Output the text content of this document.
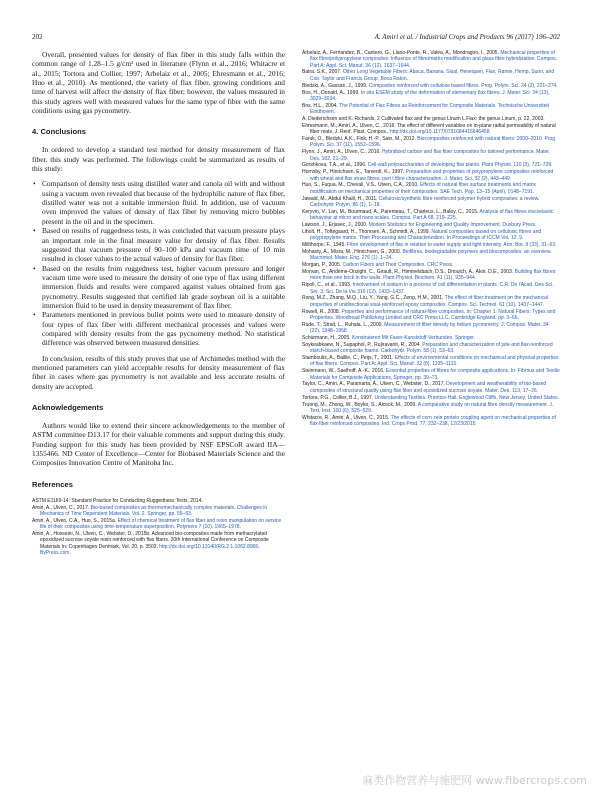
202	A. Amiri et al. / Industrial Crops and Products 96 (2017) 196–202

Overall, presented values for density of flax fiber in this study falls within the common range of 1.28–1.5 g/cm³ used in literature (Flynn et al., 2016; Whitacre et al., 2015; Tortora and Collier, 1997; Arbelaiz et al., 2005; Ehresmann et al., 2016; Huo et al., 2010). As mentioned, the variety of flax fiber, growing conditions and time of harvest will affect the density of flax fiber; however, the values measured in this study agrees well with measured values for the same type of fiber with the same conditions using gas pycnometry.

4. Conclusions

In ordered to develop a standard test method for density measurement of flax fiber, this study was performed. The followings could be summarized as results of this study:

• Comparison of density tests using distilled water and canola oil with and without using a vacuum oven revealed that because of the hydrophilic nature of flax fiber, distilled water was not a suitable immersion fluid. In addition, use of vacuum oven improved the values of density of flax fiber by removing micro bubbles present in the oil and in the specimen.
• Based on results of ruggedness tests, it was concluded that vacuum pressure plays an important role in the final measure value for density of flax fiber. Results suggested that vacuum pressure of 90–100 kPa and vacuum time of 10 min resulted in closer values to the actual values of density for flax fiber.
• Based on the results from ruggedness test, higher vacuum pressure and longer vacuum time were used to measure the density of one type of flax using different immersion fluids and results were compared against values obtained from gas pycnometry. Results suggested that certified lab grade soybean oil is a suitable immersion fluid to be used in density measurement of flax fiber.
• Parameters mentioned in previous bullet points were used to measure density of four types of flax fiber with different mechanical processes and values were compared with density results from the gas pycnometry method. No statistical difference was observed between measured densities.

In conclusion, results of this study proves that use of Archimedes method with the mentioned parameters can yield acceptable results for density measurement of flax fiber in cases where gas pycnometry is not available and less accurate results of density are accepted.

Acknowledgements

Authors would like to extend their sincere acknowledgements to the member of ASTM committee D13.17 for their valuable comments and support during this study. Funding support for this study has been provided by NSF EPSCoR award IIA—1355466. ND Center of Excellence—Center for Biobased Materials Science and the Composites Innovation Centre of Manitoba Inc.

References
ASTM E1169-14: Standard Practice for Conducting Ruggedness Tests, 2014.
Amiri, A., Ulven, C., 2017. Bio-based composites as thermomechanically complex materials. Challenges in Mechanics of Time Dependent Materials, Vol. 2. Springer, pp. 55–63.
Amiri, A., Ulven, C.A., Huo, S., 2015a. Effect of chemical treatment of flax fiber and resin manipulation on service life of their composites using time-temperature superposition. Polymers 7 (10), 1965–1978.
Amiri, A., Hosseini, N., Ulven, C., Webster, D., 2015b. Advanced bio-composites made from methacrylated epoxidized sucrose soyate resin reinforced with flax fibers. 20th International Conference on Composite Materials In: Copenhagen Denmark, Vol. 20, p. 3503, http://dx.doi.org/10.13140/RG.2.1.1062.8965, ByPress.com.
Arbelaiz, A., Fernandez, B., Cantero, G., Llano-Ponte, R., Valea, A., Mondragon, I., 2005. Mechanical properties of flax fibre/polypropylene composites. Influence of fibre/matrix modification and glass fibre hybridization. Compos. Part A: Appl. Sci. Manuf. 36 (12), 1637–1644.
Batra, S.K., 2007. Other Long Vegetable Fibers: Abaca, Banana, Sisal, Henequen, Flax, Ramie, Hemp, Sunn, and Coir. Taylor and Francis Group, Boca Raton.
Bledzki, A., Gassan, J., 1999. Composites reinforced with cellulose based fibres. Prog. Polym. Sci. 24 (2), 221–274.
Bos, H., Donald, A., 1999. In situ ESEM study of the deformation of elementary flax fibres. J. Mater. Sci. 34 (13), 3029–3034.
Bos, H.L., 2004. The Potential of Flax Fibres as Reinforcement for Composite Materials. Technische Universiteit Eindhoven.
A. Diederichsen and K. Richards, 2 Cultivated flax and the genus Linum L.Flax: the genus Linum, p. 22, 2003.
Ehresmann, M., Amiri, A., Ulven, C., 2016. The effect of different variables on in-plane radial permeability of natural fiber mats. J. Renf. Plast. Compos., http://dx.doi.org/10.1177/0731684416646458.
Faruk, O., Bledzki, A.K., Fink, H.-P., Sain, M., 2012. Biocomposites reinforced with natural fibers: 2000–2010. Prog. Polym. Sci. 37 (11), 1552–1596.
Flynn, J., Amiri, A., Ulven, C., 2016. Hybridized carbon and flax fiber composites for tailored performance. Mater. Des. 102, 21–29.
Gorshkova, T.A., et al., 1996. Cell-wall polysaccharides of developing flax plants. Plant Physiol. 110 (3), 721–729.
Hornsby, P., Hinrichsen, E., Tarverdi, K., 1997. Preparation and properties of polypropylene composites reinforced with wheat and flax straw fibres: part I fibre characterization. J. Mater. Sci. 32 (2), 443–449.
Huo, S., Fuqua, M., Chevali, V.S., Ulven, C.A., 2010. Effects of natural fiber surface treatments and matrix modification on mechanical properties of their composites. SAE Tech. Pap. 13–15 (April), 0148–7191.
Jawaid, M., Abdul Khalil, H., 2011. Cellulosic/synthetic fibre reinforced polymer hybrid composites: a review. Carbohydr. Polym. 86 (1), 1–18.
Keryvin, V., Lan, M., Bourmaud, A., Parenteau, T., Charleux, L., Baley, C., 2015. Analysis of flax fibres viscoelastic behaviour at micro and nano scales. Compos. Part A 68, 219–225.
Lawson, J., Erjavec, J., 2000. Modern Statistics for Engineering and Quality Improvement. Duxbury Press.
Liholt, H., Toftegaard, H., Thomsen, A., Schmidt, A., 1999. Natural composites based on cellulosic fibres and polypropylene matrix. Their Processing and Characterization. In Proceedings of ICCM Vol. 12, 9.
Millthorpe, F., 1945. Fibre development of flax in relation to water supply and light intensity. Ann. Bot. 9 (33), 31–53.
Mohanty, A., Misra, M., Hinrichsen, G., 2000. Biofibres, biodegradable polymers and biocomposites: an overview. Macromol. Mater. Eng. 276 (1), 1–24.
Morgan, P., 2005. Carbon Fibers and Their Composites. CRC Press.
Morvan, C., Andème-Onzighi, C., Girault, R., Himmelsbach, D.S., Driouich, A., Akin, D.E., 2003. Building flax fibres: more than one brick in the walls. Plant Physiol. Biochem. 41 (11), 935–944.
Ripoll, C., et al., 1993. Involvement of sodium in a process of cell differentiation in plants. C.R. De l'Acad. Des Sci. Sér. 3, Sci. De la Vie 316 (12), 1433–1437.
Rong, M.Z., Zhang, M.Q., Liu, Y., Yang, G.C., Zeng, H.M., 2001. The effect of fiber treatment on the mechanical properties of unidirectional sisal-reinforced epoxy composites. Compos. Sci. Technol. 61 (10), 1437–1447.
Rowell, R., 2008. Properties and performance of natural-fibre composites. In: Chapter 1: Natural Fibers: Types and Properties. Woodhead Publishing Limited and CRC Press LLC, Cambridge England, pp. 3–66.
Rude, T., Strait, L., Ruhala, L., 2000. Measurement of fiber density by helium pycnometry. J. Compos. Mater. 34 (22), 1948–1958.
Schürmann, H., 2005. Konstruieren Mit Faser-Kunststoff-Verbunden. Springer.
Soykeabkaew, N., Supaphol, P., Rujiravanit, R., 2004. Preparation and characterization of jute-and flax-reinforced starch-based composite foams. Carbohydr. Polym. 58 (1), 53–63.
Stamboulis, A., Baillie, C., Peijs, T., 2001. Effects of environmental conditions on mechanical and physical properties of flax fibers. Compos. Part A: Appl. Sci. Manuf. 32 (8), 1105–1115.
Steinmann, W., Saelhoff, A.-K., 2016. Essential properties of fibres for composite applications. In: Fibrous and Textile Materials for Composite Applications, Springer, pp. 39–73.
Taylor, C., Amiri, A., Paramarta, A., Ulven, C., Webster, D., 2017. Development and weatherability of bio-based composites of structural quality using flax fiber and epoxidized sucrose soyate. Mater. Des. 113, 17–26.
Tortora, P.G., Collier, B.J., 1997. Understanding Textiles. Prentice-Hall, Englewood Cliffs, New Jersey, United States.
Truong, M., Zhong, W., Boyko, S., Alcock, M., 2009. A comparative study on natural fibre density measurement. J. Text. Inst. 100 (6), 525–529.
Whitacre, R., Amiri, A., Ulven, C., 2015. The effects of corn zein protein coupling agent on mechanical properties of flax fiber reinforced composites. Ind. Crops Prod. 77, 232–238, 12/23/2015.
麻类作物营养与施肥网 www.fibercrops.com
